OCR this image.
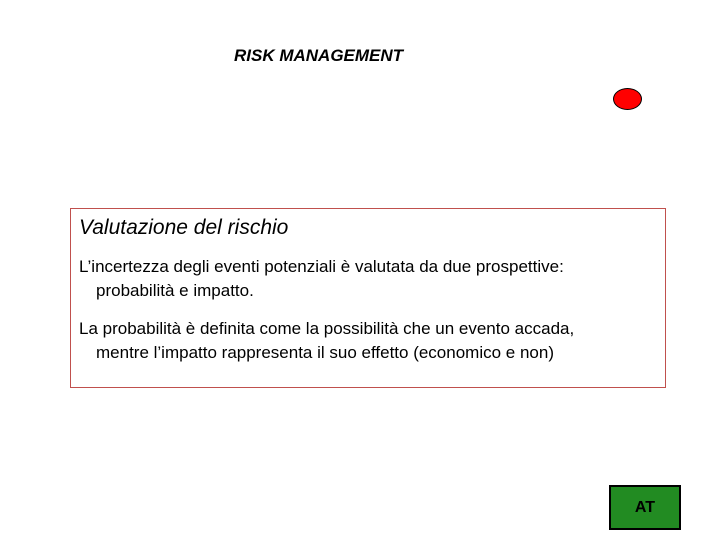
RISK MANAGEMENT
Valutazione del rischio
L’incertezza degli eventi potenziali è valutata da due prospettive:
probabilità e impatto.
La probabilità è definita come la possibilità che un evento accada,
mentre l’impatto rappresenta il suo effetto (economico e non)
AT
